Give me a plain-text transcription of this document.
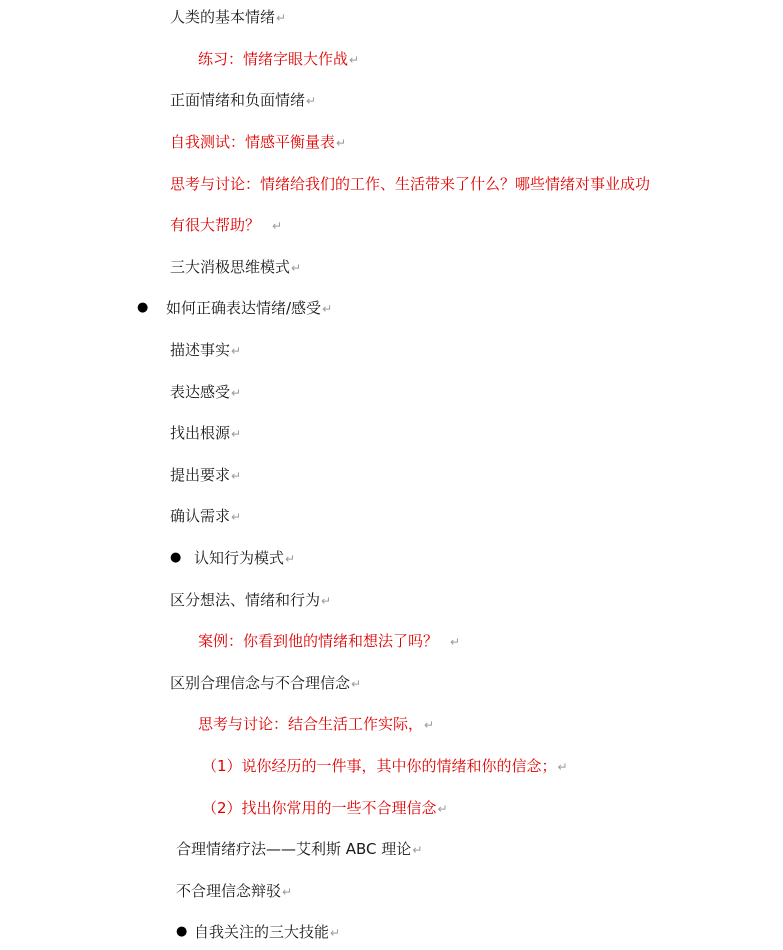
人类的基本情绪↵
练习：情绪字眼大作战↵
正面情绪和负面情绪↵
自我测试：情感平衡量表↵
思考与讨论：情绪给我们的工作、生活带来了什么？哪些情绪对事业成功
有很大帮助？ ↵
三大消极思维模式↵
● 如何正确表达情绪/感受↵
描述事实↵
表达感受↵
找出根源↵
提出要求↵
确认需求↵
● 认知行为模式↵
区分想法、情绪和行为↵
案例：你看到他的情绪和想法了吗？ ↵
区别合理信念与不合理信念↵
思考与讨论：结合生活工作实际，↵
（1）说你经历的一件事，其中你的情绪和你的信念；↵
（2）找出你常用的一些不合理信念↵
合理情绪疗法——艾利斯 ABC 理论↵
不合理信念辩驳↵
● 自我关注的三大技能↵
